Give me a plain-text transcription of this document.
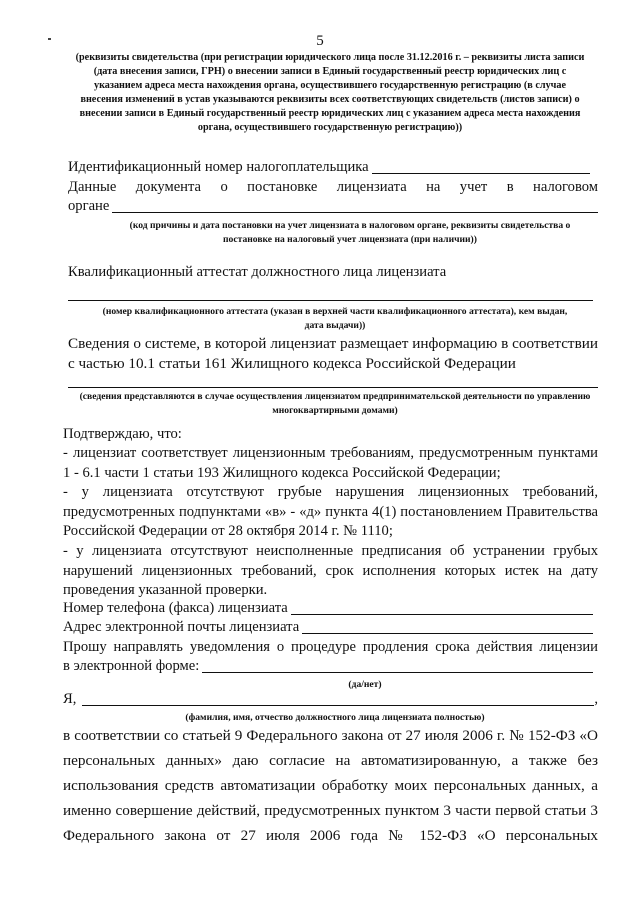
5
(реквизиты свидетельства (при регистрации юридического лица после 31.12.2016 г. – реквизиты листа записи (дата внесения записи, ГРН) о внесении записи в Единый государственный реестр юридических лиц с указанием адреса места нахождения органа, осуществившего государственную регистрацию (в случае внесения изменений в устав указываются реквизиты всех соответствующих свидетельств (листов записи) о внесении записи в Единый государственный реестр юридических лиц с указанием адреса места нахождения органа, осуществившего государственную регистрацию))
Идентификационный номер налогоплательщика
Данные документа о постановке лицензиата на учет в налоговом
органе
(код причины и дата постановки на учет лицензиата в налоговом органе, реквизиты свидетельства о постановке на налоговый учет лицензиата (при наличии))
Квалификационный аттестат должностного лица лицензиата
(номер квалификационного аттестата (указан в верхней части квалификационного аттестата), кем выдан, дата выдачи))
Сведения о системе, в которой лицензиат размещает информацию в соответствии с частью 10.1 статьи 161 Жилищного кодекса Российской Федерации
(сведения представляются в случае осуществления лицензиатом предпринимательской деятельности по управлению многоквартирными домами)
Подтверждаю, что:
- лицензиат соответствует лицензионным требованиям, предусмотренным пунктами 1 - 6.1 части 1 статьи 193 Жилищного кодекса Российской Федерации;
- у лицензиата отсутствуют грубые нарушения лицензионных требований, предусмотренных подпунктами «в» - «д» пункта 4(1) постановлением Правительства Российской Федерации от 28 октября 2014 г. № 1110;
- у лицензиата отсутствуют неисполненные предписания об устранении грубых нарушений лицензионных требований, срок исполнения которых истек на дату проведения указанной проверки.
Номер телефона (факса) лицензиата
Адрес электронной почты лицензиата
Прошу направлять уведомления о процедуре продления срока действия лицензии
в электронной форме:
(да/нет)
Я,	,
(фамилия, имя, отчество должностного лица лицензиата полностью)
в соответствии со статьей 9 Федерального закона от 27 июля 2006 г. № 152-ФЗ «О персональных данных» даю согласие на автоматизированную, а также без использования средств автоматизации обработку моих персональных данных, а именно совершение действий, предусмотренных пунктом 3 части первой статьи 3 Федерального закона от 27 июля 2006 года № 152-ФЗ «О персональных
